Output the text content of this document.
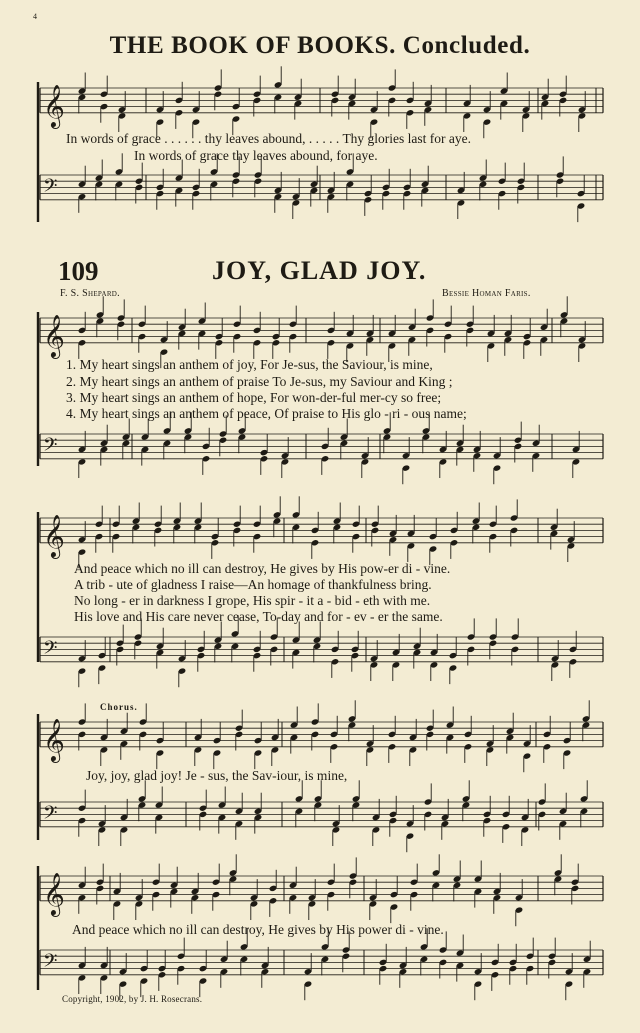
4
THE BOOK OF BOOKS. Concluded.
𝄞
𝄢
𝄞
𝄢
𝄞
𝄢
𝄞
𝄢
𝄞
𝄢
In words of grace . . . . . . thy leaves abound, . . . . . Thy glories last for aye.
In words of grace thy leaves abound, for aye.
109	JOY, GLAD JOY.
F. S. Shepard.	Bessie Homan Faris.
1. My heart sings an anthem of joy, For Je-sus, the Saviour, is mine,
2. My heart sings an anthem of praise To Je-sus, my Saviour and King ;
3. My heart sings an anthem of hope, For won-der-ful mer-cy so free;
4. My heart sings an anthem of peace, Of praise to His glo - ri - ous name;
And peace which no ill can destroy, He gives by His pow-er di - vine.
A trib - ute of gladness I raise—An homage of thankfulness bring.
No long - er in darkness I grope, His spir - it a - bid - eth with me.
His love and His care never cease, To-day and for - ev - er the same.
Chorus.
Joy, joy, glad joy! Je - sus, the Sav-iour, is mine,
And peace which no ill can destroy, He gives by His power di - vine.
Copyright, 1902, by J. H. Rosecrans.
